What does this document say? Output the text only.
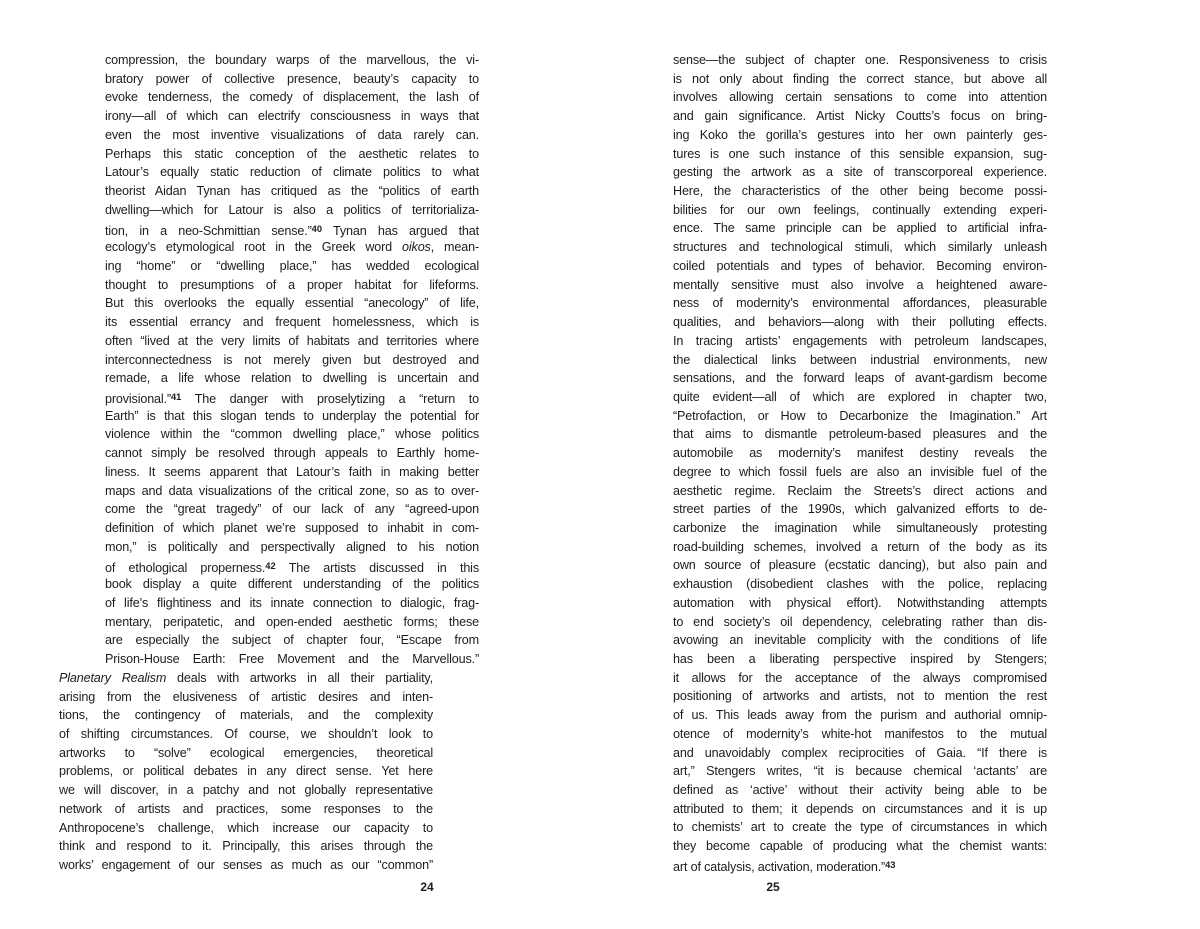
compression, the boundary warps of the marvellous, the vi-
bratory power of collective presence, beauty’s capacity to
evoke tenderness, the comedy of displacement, the lash of
irony—all of which can electrify consciousness in ways that
even the most inventive visualizations of data rarely can.
Perhaps this static conception of the aesthetic relates to
Latour’s equally static reduction of climate politics to what
theorist Aidan Tynan has critiqued as the “politics of earth
dwelling—which for Latour is also a politics of territorializa-
tion, in a neo-Schmittian sense.”$^{40}$ Tynan has argued that
ecology’s etymological root in the Greek word oikos, mean-
ing “home” or “dwelling place,” has wedded ecological
thought to presumptions of a proper habitat for lifeforms.
But this overlooks the equally essential “anecology” of life,
its essential errancy and frequent homelessness, which is
often “lived at the very limits of habitats and territories where
interconnectedness is not merely given but destroyed and
remade, a life whose relation to dwelling is uncertain and
provisional.”$^{41}$ The danger with proselytizing a “return to
Earth” is that this slogan tends to underplay the potential for
violence within the “common dwelling place,” whose politics
cannot simply be resolved through appeals to Earthly home-
liness. It seems apparent that Latour’s faith in making better
maps and data visualizations of the critical zone, so as to over-
come the “great tragedy” of our lack of any “agreed-upon
definition of which planet we’re supposed to inhabit in com-
mon,” is politically and perspectivally aligned to his notion
of ethological properness.$^{42}$ The artists discussed in this
book display a quite different understanding of the politics
of life’s flightiness and its innate connection to dialogic, frag-
mentary, peripatetic, and open-ended aesthetic forms; these
are especially the subject of chapter four, “Escape from
Prison-House Earth: Free Movement and the Marvellous.”
Planetary Realism deals with artworks in all their partiality,
arising from the elusiveness of artistic desires and inten-
tions, the contingency of materials, and the complexity
of shifting circumstances. Of course, we shouldn’t look to
artworks to “solve” ecological emergencies, theoretical
problems, or political debates in any direct sense. Yet here
we will discover, in a patchy and not globally representative
network of artists and practices, some responses to the
Anthropocene’s challenge, which increase our capacity to
think and respond to it. Principally, this arises through the
works’ engagement of our senses as much as our “common”
sense—the subject of chapter one. Responsiveness to crisis
is not only about finding the correct stance, but above all
involves allowing certain sensations to come into attention
and gain significance. Artist Nicky Coutts’s focus on bring-
ing Koko the gorilla’s gestures into her own painterly ges-
tures is one such instance of this sensible expansion, sug-
gesting the artwork as a site of transcorporeal experience.
Here, the characteristics of the other being become possi-
bilities for our own feelings, continually extending experi-
ence. The same principle can be applied to artificial infra-
structures and technological stimuli, which similarly unleash
coiled potentials and types of behavior. Becoming environ-
mentally sensitive must also involve a heightened aware-
ness of modernity’s environmental affordances, pleasurable
qualities, and behaviors—along with their polluting effects.
In tracing artists’ engagements with petroleum landscapes,
the dialectical links between industrial environments, new
sensations, and the forward leaps of avant-gardism become
quite evident—all of which are explored in chapter two,
“Petrofaction, or How to Decarbonize the Imagination.” Art
that aims to dismantle petroleum-based pleasures and the
automobile as modernity’s manifest destiny reveals the
degree to which fossil fuels are also an invisible fuel of the
aesthetic regime. Reclaim the Streets’s direct actions and
street parties of the 1990s, which galvanized efforts to de-
carbonize the imagination while simultaneously protesting
road-building schemes, involved a return of the body as its
own source of pleasure (ecstatic dancing), but also pain and
exhaustion (disobedient clashes with the police, replacing
automation with physical effort). Notwithstanding attempts
to end society’s oil dependency, celebrating rather than dis-
avowing an inevitable complicity with the conditions of life
has been a liberating perspective inspired by Stengers;
it allows for the acceptance of the always compromised
positioning of artworks and artists, not to mention the rest
of us. This leads away from the purism and authorial omnip-
otence of modernity’s white-hot manifestos to the mutual
and unavoidably complex reciprocities of Gaia. “If there is
art,” Stengers writes, “it is because chemical ‘actants’ are
defined as ‘active’ without their activity being able to be
attributed to them; it depends on circumstances and it is up
to chemists’ art to create the type of circumstances in which
they become capable of producing what the chemist wants:
art of catalysis, activation, moderation.”$^{43}$
24	25
